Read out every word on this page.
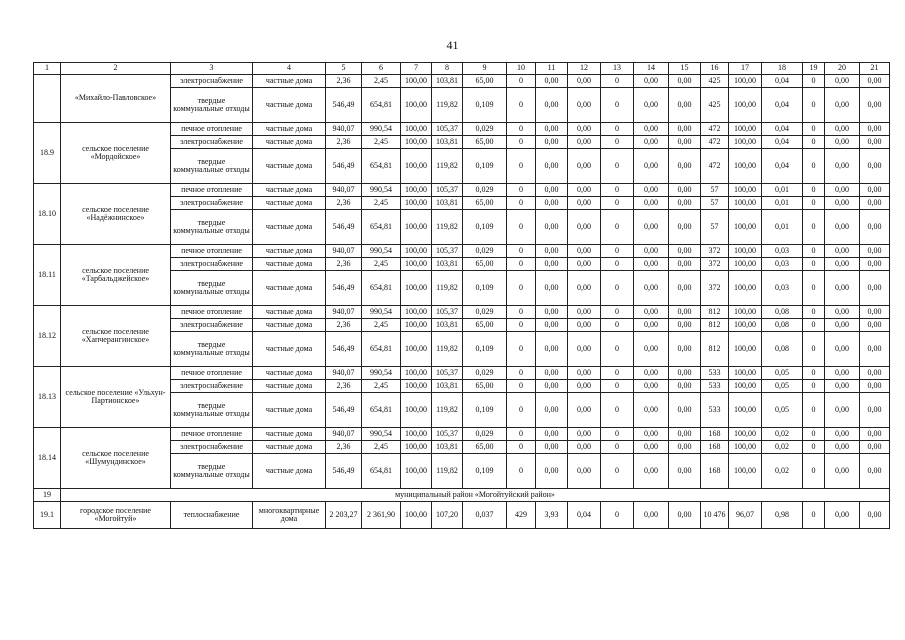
41
1	2	3	4	5	6	7	8	9	10	11	12	13	14	15	16	17	18	19	20	21
	«Михайло-Павловское»	электроснабжение	частные дома	2,36	2,45	100,00	103,81	65,00	0	0,00	0,00	0	0,00	0,00	425	100,00	0,04	0	0,00	0,00
		твердые коммунальные отходы	частные дома	546,49	654,81	100,00	119,82	0,109	0	0,00	0,00	0	0,00	0,00	425	100,00	0,04	0	0,00	0,00
18.9	сельское поселение «Мордойское»	печное отопление	частные дома	940,07	990,54	100,00	105,37	0,029	0	0,00	0,00	0	0,00	0,00	472	100,00	0,04	0	0,00	0,00
		электроснабжение	частные дома	2,36	2,45	100,00	103,81	65,00	0	0,00	0,00	0	0,00	0,00	472	100,00	0,04	0	0,00	0,00
		твердые коммунальные отходы	частные дома	546,49	654,81	100,00	119,82	0,109	0	0,00	0,00	0	0,00	0,00	472	100,00	0,04	0	0,00	0,00
18.10	сельское поселение «Надёжнинское»	печное отопление	частные дома	940,07	990,54	100,00	105,37	0,029	0	0,00	0,00	0	0,00	0,00	57	100,00	0,01	0	0,00	0,00
		электроснабжение	частные дома	2,36	2,45	100,00	103,81	65,00	0	0,00	0,00	0	0,00	0,00	57	100,00	0,01	0	0,00	0,00
		твердые коммунальные отходы	частные дома	546,49	654,81	100,00	119,82	0,109	0	0,00	0,00	0	0,00	0,00	57	100,00	0,01	0	0,00	0,00
18.11	сельское поселение «Тарбальджейское»	печное отопление	частные дома	940,07	990,54	100,00	105,37	0,029	0	0,00	0,00	0	0,00	0,00	372	100,00	0,03	0	0,00	0,00
		электроснабжение	частные дома	2,36	2,45	100,00	103,81	65,00	0	0,00	0,00	0	0,00	0,00	372	100,00	0,03	0	0,00	0,00
		твердые коммунальные отходы	частные дома	546,49	654,81	100,00	119,82	0,109	0	0,00	0,00	0	0,00	0,00	372	100,00	0,03	0	0,00	0,00
18.12	сельское поселение «Хапчерангинское»	печное отопление	частные дома	940,07	990,54	100,00	105,37	0,029	0	0,00	0,00	0	0,00	0,00	812	100,00	0,08	0	0,00	0,00
		электроснабжение	частные дома	2,36	2,45	100,00	103,81	65,00	0	0,00	0,00	0	0,00	0,00	812	100,00	0,08	0	0,00	0,00
		твердые коммунальные отходы	частные дома	546,49	654,81	100,00	119,82	0,109	0	0,00	0,00	0	0,00	0,00	812	100,00	0,08	0	0,00	0,00
18.13	сельское поселение «Ульхун-Партионское»	печное отопление	частные дома	940,07	990,54	100,00	105,37	0,029	0	0,00	0,00	0	0,00	0,00	533	100,00	0,05	0	0,00	0,00
		электроснабжение	частные дома	2,36	2,45	100,00	103,81	65,00	0	0,00	0,00	0	0,00	0,00	533	100,00	0,05	0	0,00	0,00
		твердые коммунальные отходы	частные дома	546,49	654,81	100,00	119,82	0,109	0	0,00	0,00	0	0,00	0,00	533	100,00	0,05	0	0,00	0,00
18.14	сельское поселение «Шумундинское»	печное отопление	частные дома	940,07	990,54	100,00	105,37	0,029	0	0,00	0,00	0	0,00	0,00	168	100,00	0,02	0	0,00	0,00
		электроснабжение	частные дома	2,36	2,45	100,00	103,81	65,00	0	0,00	0,00	0	0,00	0,00	168	100,00	0,02	0	0,00	0,00
		твердые коммунальные отходы	частные дома	546,49	654,81	100,00	119,82	0,109	0	0,00	0,00	0	0,00	0,00	168	100,00	0,02	0	0,00	0,00
19	муниципальный район «Могойтуйский район»																			
19.1	городское поселение «Могойтуй»	теплоснабжение	многоквартирные дома	2 203,27	2 361,90	100,00	107,20	0,037	429	3,93	0,04	0	0,00	0,00	10 476	96,07	0,98	0	0,00	0,00
